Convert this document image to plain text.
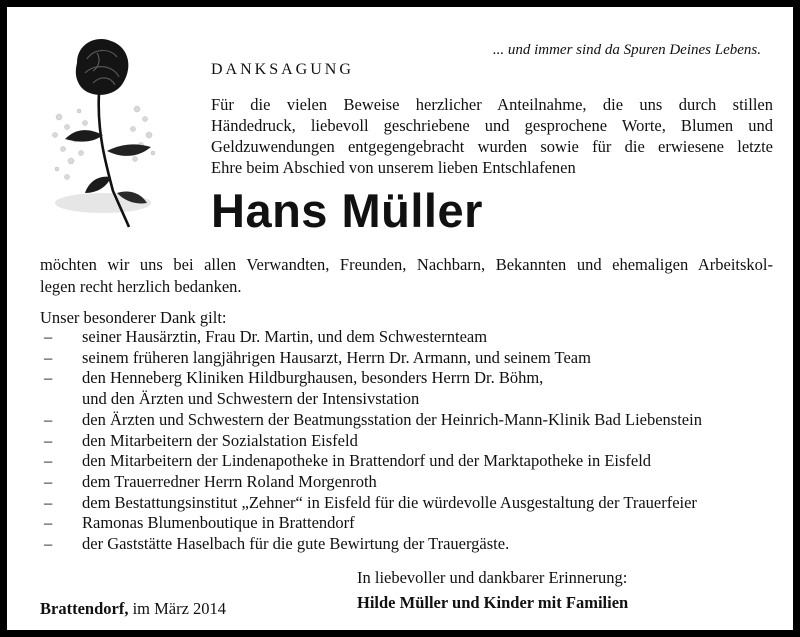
... und immer sind da Spuren Deines Lebens.
DANKSAGUNG
Für die vielen Beweise herzlicher Anteilnahme, die uns durch stillen
Händedruck, liebevoll geschriebene und gesprochene Worte, Blumen und
Geldzuwendungen entgegengebracht wurden sowie für die erwiesene letzte
Ehre beim Abschied von unserem lieben Entschlafenen
Hans Müller
möchten wir uns bei allen Verwandten, Freunden, Nachbarn, Bekannten und ehemaligen Arbeitskol-
legen recht herzlich bedanken.
Unser besonderer Dank gilt:
– seiner Hausärztin, Frau Dr. Martin, und dem Schwesternteam
– seinem früheren langjährigen Hausarzt, Herrn Dr. Armann, und seinem Team
– den Henneberg Kliniken Hildburghausen, besonders Herrn Dr. Böhm,
und den Ärzten und Schwestern der Intensivstation
– den Ärzten und Schwestern der Beatmungsstation der Heinrich-Mann-Klinik Bad Liebenstein
– den Mitarbeitern der Sozialstation Eisfeld
– den Mitarbeitern der Lindenapotheke in Brattendorf und der Marktapotheke in Eisfeld
– dem Trauerredner Herrn Roland Morgenroth
– dem Bestattungsinstitut „Zehner“ in Eisfeld für die würdevolle Ausgestaltung der Trauerfeier
– Ramonas Blumenboutique in Brattendorf
– der Gaststätte Haselbach für die gute Bewirtung der Trauergäste.
In liebevoller und dankbarer Erinnerung:
Brattendorf, im März 2014	Hilde Müller und Kinder mit Familien
